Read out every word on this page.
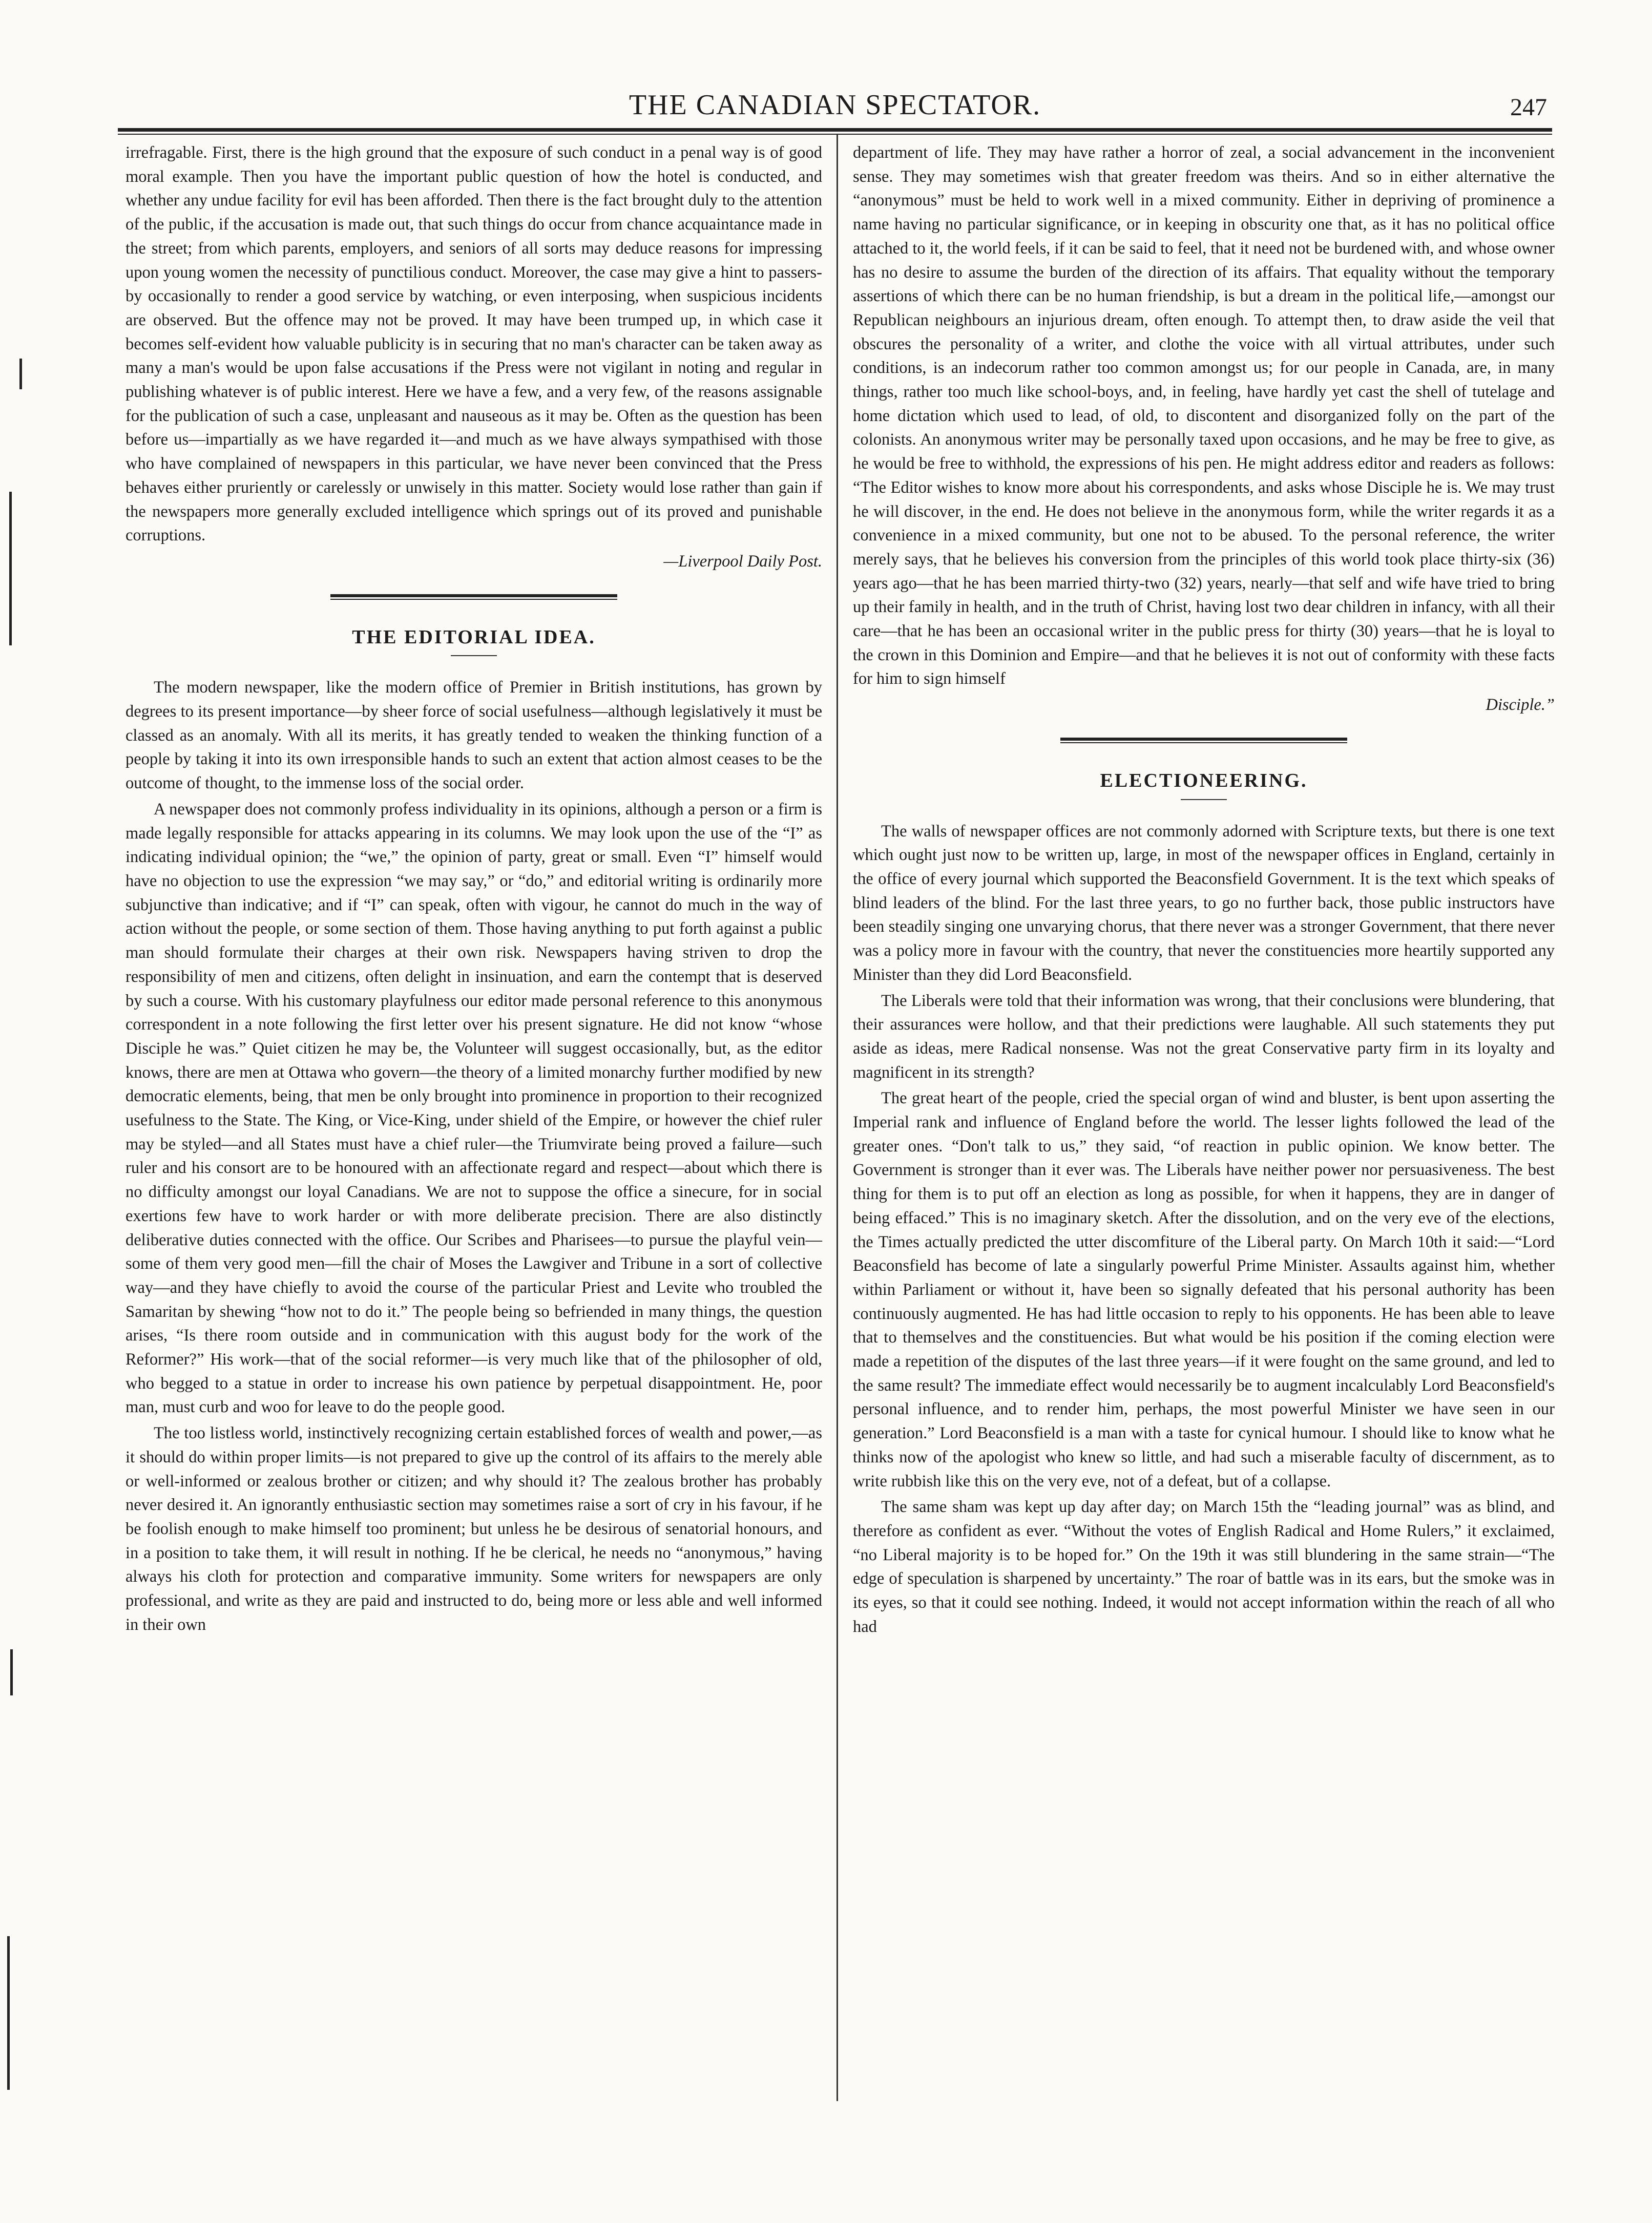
THE CANADIAN SPECTATOR.	247

irrefragable. First, there is the high ground that the exposure of such conduct in a penal way is of good moral example. Then you have the important public question of how the hotel is conducted, and whether any undue facility for evil has been afforded. Then there is the fact brought duly to the attention of the public, if the accusation is made out, that such things do occur from chance acquaintance made in the street; from which parents, employers, and seniors of all sorts may deduce reasons for impressing upon young women the necessity of punctilious conduct. Moreover, the case may give a hint to passers-by occasionally to render a good service by watching, or even interposing, when suspicious incidents are observed. But the offence may not be proved. It may have been trumped up, in which case it becomes self-evident how valuable publicity is in securing that no man's character can be taken away as many a man's would be upon false accusations if the Press were not vigilant in noting and regular in publishing whatever is of public interest. Here we have a few, and a very few, of the reasons assignable for the publication of such a case, unpleasant and nauseous as it may be. Often as the question has been before us—impartially as we have regarded it—and much as we have always sympathised with those who have complained of newspapers in this particular, we have never been convinced that the Press behaves either pruriently or carelessly or unwisely in this matter. Society would lose rather than gain if the newspapers more generally excluded intelligence which springs out of its proved and punishable corruptions.

—Liverpool Daily Post.

THE EDITORIAL IDEA.

The modern newspaper, like the modern office of Premier in British institutions, has grown by degrees to its present importance—by sheer force of social usefulness—although legislatively it must be classed as an anomaly. With all its merits, it has greatly tended to weaken the thinking function of a people by taking it into its own irresponsible hands to such an extent that action almost ceases to be the outcome of thought, to the immense loss of the social order.

A newspaper does not commonly profess individuality in its opinions, although a person or a firm is made legally responsible for attacks appearing in its columns. We may look upon the use of the “I” as indicating individual opinion; the “we,” the opinion of party, great or small. Even “I” himself would have no objection to use the expression “we may say,” or “do,” and editorial writing is ordinarily more subjunctive than indicative; and if “I” can speak, often with vigour, he cannot do much in the way of action without the people, or some section of them. Those having anything to put forth against a public man should formulate their charges at their own risk. Newspapers having striven to drop the responsibility of men and citizens, often delight in insinuation, and earn the contempt that is deserved by such a course. With his customary playfulness our editor made personal reference to this anonymous correspondent in a note following the first letter over his present signature. He did not know “whose Disciple he was.” Quiet citizen he may be, the Volunteer will suggest occasionally, but, as the editor knows, there are men at Ottawa who govern—the theory of a limited monarchy further modified by new democratic elements, being, that men be only brought into prominence in proportion to their recognized usefulness to the State. The King, or Vice-King, under shield of the Empire, or however the chief ruler may be styled—and all States must have a chief ruler—the Triumvirate being proved a failure—such ruler and his consort are to be honoured with an affectionate regard and respect—about which there is no difficulty amongst our loyal Canadians. We are not to suppose the office a sinecure, for in social exertions few have to work harder or with more deliberate precision. There are also distinctly deliberative duties connected with the office. Our Scribes and Pharisees—to pursue the playful vein—some of them very good men—fill the chair of Moses the Lawgiver and Tribune in a sort of collective way—and they have chiefly to avoid the course of the particular Priest and Levite who troubled the Samaritan by shewing “how not to do it.” The people being so befriended in many things, the question arises, “Is there room outside and in communication with this august body for the work of the Reformer?” His work—that of the social reformer—is very much like that of the philosopher of old, who begged to a statue in order to increase his own patience by perpetual disappointment. He, poor man, must curb and woo for leave to do the people good.

The too listless world, instinctively recognizing certain established forces of wealth and power,—as it should do within proper limits—is not prepared to give up the control of its affairs to the merely able or well-informed or zealous brother or citizen; and why should it? The zealous brother has probably never desired it. An ignorantly enthusiastic section may sometimes raise a sort of cry in his favour, if he be foolish enough to make himself too prominent; but unless he be desirous of senatorial honours, and in a position to take them, it will result in nothing. If he be clerical, he needs no “anonymous,” having always his cloth for protection and comparative immunity. Some writers for newspapers are only professional, and write as they are paid and instructed to do, being more or less able and well informed in their own

department of life. They may have rather a horror of zeal, a social advancement in the inconvenient sense. They may sometimes wish that greater freedom was theirs. And so in either alternative the “anonymous” must be held to work well in a mixed community. Either in depriving of prominence a name having no particular significance, or in keeping in obscurity one that, as it has no political office attached to it, the world feels, if it can be said to feel, that it need not be burdened with, and whose owner has no desire to assume the burden of the direction of its affairs. That equality without the temporary assertions of which there can be no human friendship, is but a dream in the political life,—amongst our Republican neighbours an injurious dream, often enough. To attempt then, to draw aside the veil that obscures the personality of a writer, and clothe the voice with all virtual attributes, under such conditions, is an indecorum rather too common amongst us; for our people in Canada, are, in many things, rather too much like school-boys, and, in feeling, have hardly yet cast the shell of tutelage and home dictation which used to lead, of old, to discontent and disorganized folly on the part of the colonists. An anonymous writer may be personally taxed upon occasions, and he may be free to give, as he would be free to withhold, the expressions of his pen. He might address editor and readers as follows: “The Editor wishes to know more about his correspondents, and asks whose Disciple he is. We may trust he will discover, in the end. He does not believe in the anonymous form, while the writer regards it as a convenience in a mixed community, but one not to be abused. To the personal reference, the writer merely says, that he believes his conversion from the principles of this world took place thirty-six (36) years ago—that he has been married thirty-two (32) years, nearly—that self and wife have tried to bring up their family in health, and in the truth of Christ, having lost two dear children in infancy, with all their care—that he has been an occasional writer in the public press for thirty (30) years—that he is loyal to the crown in this Dominion and Empire—and that he believes it is not out of conformity with these facts for him to sign himself

Disciple.”

ELECTIONEERING.

The walls of newspaper offices are not commonly adorned with Scripture texts, but there is one text which ought just now to be written up, large, in most of the newspaper offices in England, certainly in the office of every journal which supported the Beaconsfield Government. It is the text which speaks of blind leaders of the blind. For the last three years, to go no further back, those public instructors have been steadily singing one unvarying chorus, that there never was a stronger Government, that there never was a policy more in favour with the country, that never the constituencies more heartily supported any Minister than they did Lord Beaconsfield.

The Liberals were told that their information was wrong, that their conclusions were blundering, that their assurances were hollow, and that their predictions were laughable. All such statements they put aside as ideas, mere Radical nonsense. Was not the great Conservative party firm in its loyalty and magnificent in its strength?

The great heart of the people, cried the special organ of wind and bluster, is bent upon asserting the Imperial rank and influence of England before the world. The lesser lights followed the lead of the greater ones. “Don't talk to us,” they said, “of reaction in public opinion. We know better. The Government is stronger than it ever was. The Liberals have neither power nor persuasiveness. The best thing for them is to put off an election as long as possible, for when it happens, they are in danger of being effaced.” This is no imaginary sketch. After the dissolution, and on the very eve of the elections, the Times actually predicted the utter discomfiture of the Liberal party. On March 10th it said:—“Lord Beaconsfield has become of late a singularly powerful Prime Minister. Assaults against him, whether within Parliament or without it, have been so signally defeated that his personal authority has been continuously augmented. He has had little occasion to reply to his opponents. He has been able to leave that to themselves and the constituencies. But what would be his position if the coming election were made a repetition of the disputes of the last three years—if it were fought on the same ground, and led to the same result? The immediate effect would necessarily be to augment incalculably Lord Beaconsfield's personal influence, and to render him, perhaps, the most powerful Minister we have seen in our generation.” Lord Beaconsfield is a man with a taste for cynical humour. I should like to know what he thinks now of the apologist who knew so little, and had such a miserable faculty of discernment, as to write rubbish like this on the very eve, not of a defeat, but of a collapse.

The same sham was kept up day after day; on March 15th the “leading journal” was as blind, and therefore as confident as ever. “Without the votes of English Radical and Home Rulers,” it exclaimed, “no Liberal majority is to be hoped for.” On the 19th it was still blundering in the same strain—“The edge of speculation is sharpened by uncertainty.” The roar of battle was in its ears, but the smoke was in its eyes, so that it could see nothing. Indeed, it would not accept information within the reach of all who had
